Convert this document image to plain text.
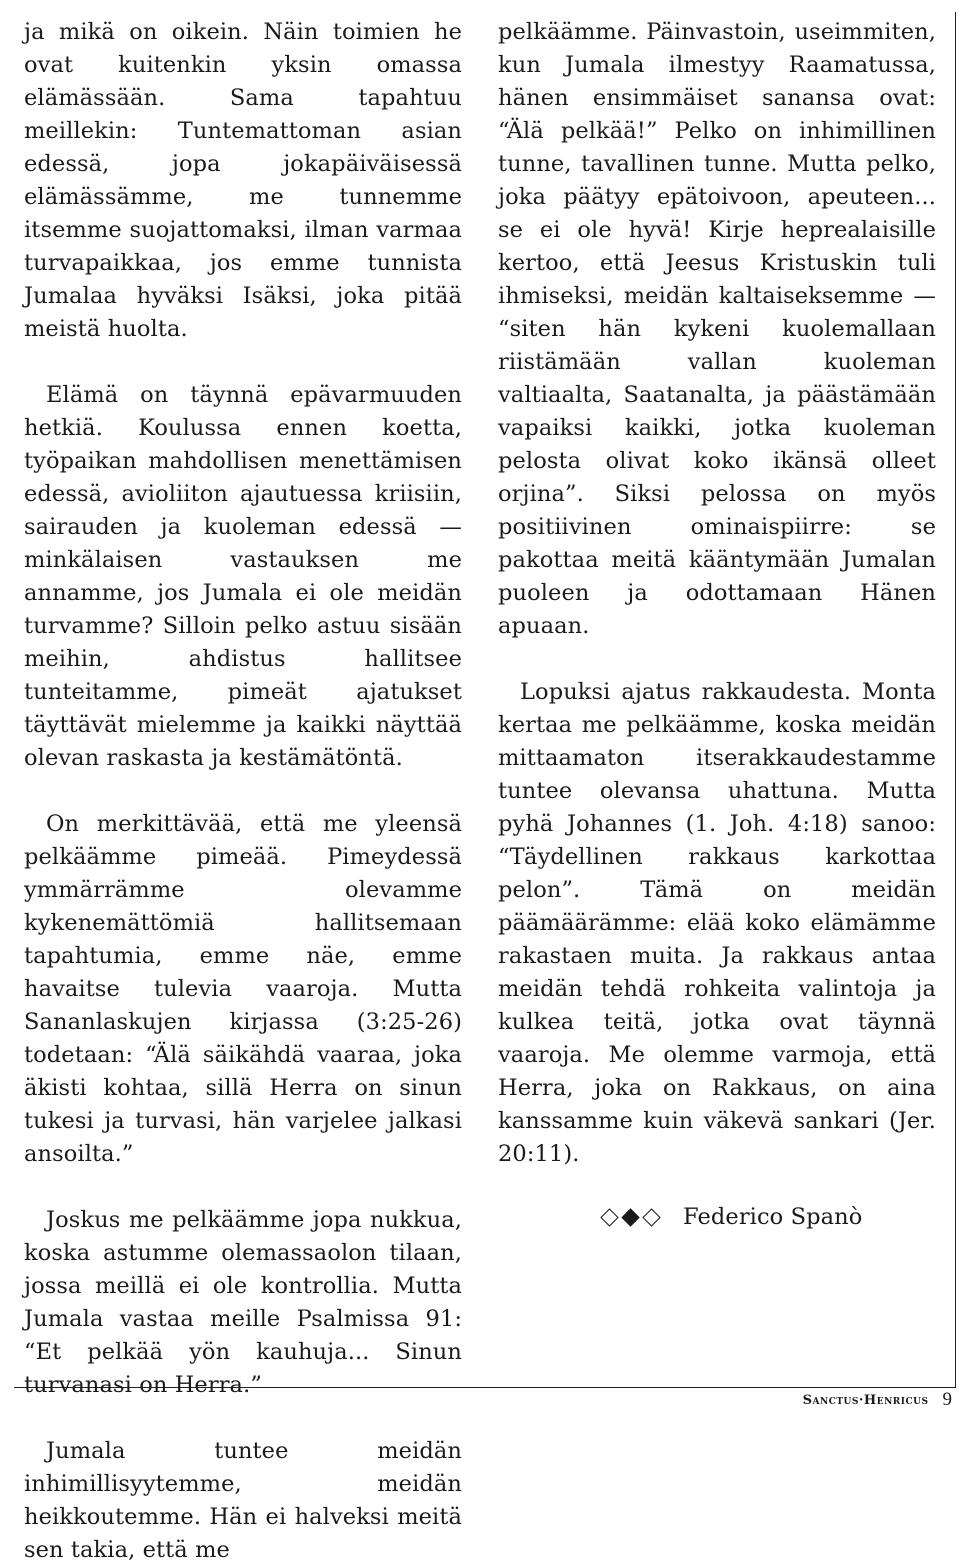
ja mikä on oikein. Näin toimien he ovat kuitenkin yksin omassa elämässään. Sama tapahtuu meillekin: Tuntemattoman asian edessä, jopa jokapäiväisessä elämässämme, me tunnemme itsemme suojattomaksi, ilman varmaa turvapaikkaa, jos emme tunnista Jumalaa hyväksi Isäksi, joka pitää meistä huolta.

Elämä on täynnä epävarmuuden hetkiä. Koulussa ennen koetta, työpaikan mahdollisen menettämisen edessä, avioliiton ajautuessa kriisiin, sairauden ja kuoleman edessä — minkälaisen vastauksen me annamme, jos Jumala ei ole meidän turvamme? Silloin pelko astuu sisään meihin, ahdistus hallitsee tunteitamme, pimeät ajatukset täyttävät mielemme ja kaikki näyttää olevan raskasta ja kestämätöntä.

On merkittävää, että me yleensä pelkäämme pimeää. Pimeydessä ymmärrämme olevamme kykenemättömiä hallitsemaan tapahtumia, emme näe, emme havaitse tulevia vaaroja. Mutta Sananlaskujen kirjassa (3:25-26) todetaan: “Älä säikähdä vaaraa, joka äkisti kohtaa, sillä Herra on sinun tukesi ja turvasi, hän varjelee jalkasi ansoilta.”

Joskus me pelkäämme jopa nukkua, koska astumme olemassaolon tilaan, jossa meillä ei ole kontrollia. Mutta Jumala vastaa meille Psalmissa 91: “Et pelkää yön kauhuja... Sinun turvanasi on Herra.”

Jumala tuntee meidän inhimillisyytemme, meidän heikkoutemme. Hän ei halveksi meitä sen takia, että me

pelkäämme. Päinvastoin, useimmiten, kun Jumala ilmestyy Raamatussa, hänen ensimmäiset sanansa ovat: “Älä pelkää!” Pelko on inhimillinen tunne, tavallinen tunne. Mutta pelko, joka päätyy epätoivoon, apeuteen... se ei ole hyvä! Kirje heprealaisille kertoo, että Jeesus Kristuskin tuli ihmiseksi, meidän kaltaiseksemme — “siten hän kykeni kuolemallaan riistämään vallan kuoleman valtiaalta, Saatanalta, ja päästämään vapaiksi kaikki, jotka kuoleman pelosta olivat koko ikänsä olleet orjina”. Siksi pelossa on myös positiivinen ominaispiirre: se pakottaa meitä kääntymään Jumalan puoleen ja odottamaan Hänen apuaan.

Lopuksi ajatus rakkaudesta. Monta kertaa me pelkäämme, koska meidän mittaamaton itserakkaudestamme tuntee olevansa uhattuna. Mutta pyhä Johannes (1. Joh. 4:18) sanoo: “Täydellinen rakkaus karkottaa pelon”. Tämä on meidän päämäärämme: elää koko elämämme rakastaen muita. Ja rakkaus antaa meidän tehdä rohkeita valintoja ja kulkea teitä, jotka ovat täynnä vaaroja. Me olemme varmoja, että Herra, joka on Rakkaus, on aina kanssamme kuin väkevä sankari (Jer. 20:11).

Federico Spanò
Sanctus·Henricus 9
